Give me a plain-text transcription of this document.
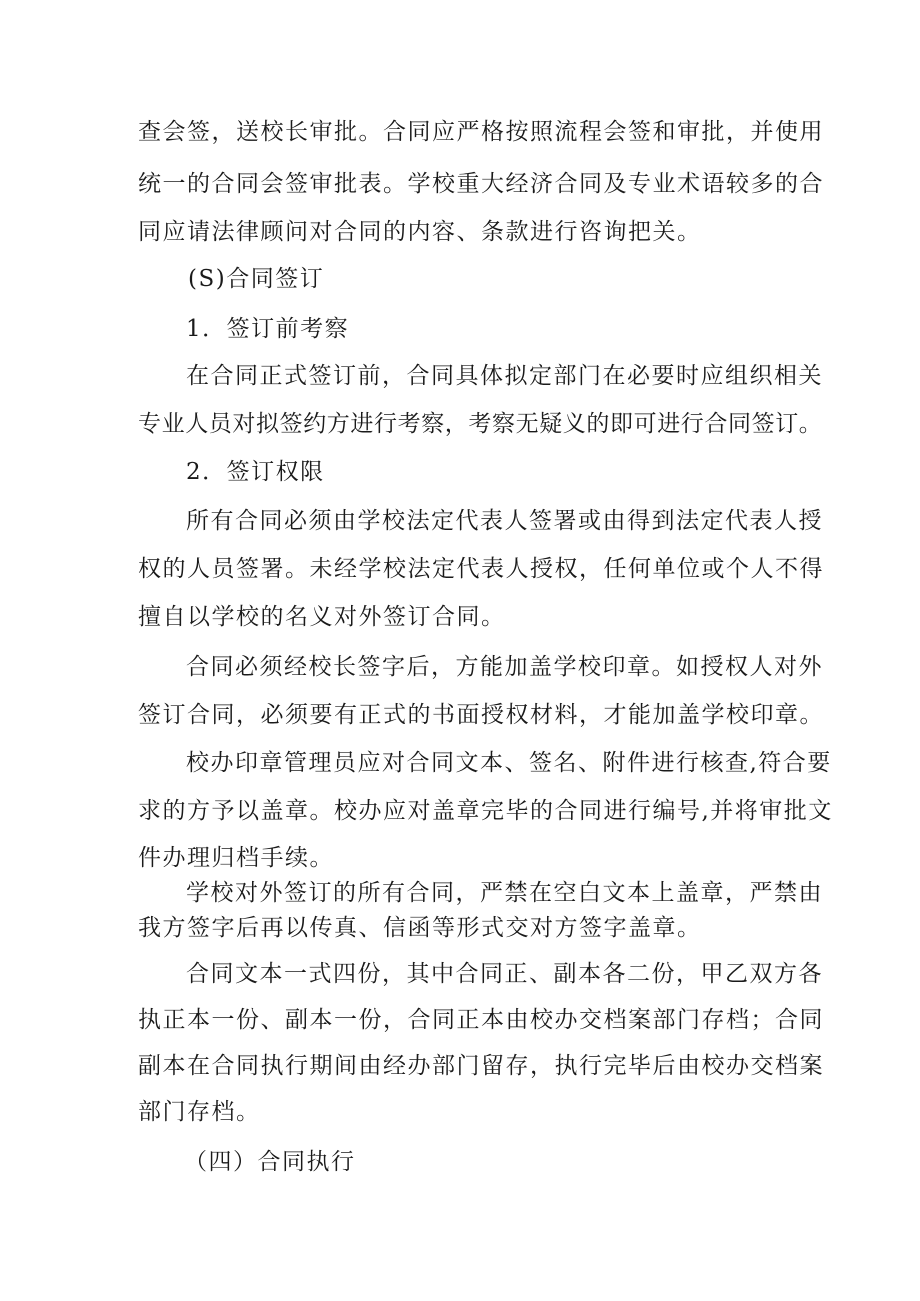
查会签，送校长审批。合同应严格按照流程会签和审批，并使用
统一的合同会签审批表。学校重大经济合同及专业术语较多的合
同应请法律顾问对合同的内容、条款进行咨询把关。
(S)合同签订
1．签订前考察
在合同正式签订前，合同具体拟定部门在必要时应组织相关
专业人员对拟签约方进行考察，考察无疑义的即可进行合同签订。
2．签订权限
所有合同必须由学校法定代表人签署或由得到法定代表人授
权的人员签署。未经学校法定代表人授权，任何单位或个人不得
擅自以学校的名义对外签订合同。
合同必须经校长签字后，方能加盖学校印章。如授权人对外
签订合同，必须要有正式的书面授权材料，才能加盖学校印章。
校办印章管理员应对合同文本、签名、附件进行核查,符合要
求的方予以盖章。校办应对盖章完毕的合同进行编号,并将审批文
件办理归档手续。
学校对外签订的所有合同，严禁在空白文本上盖章，严禁由
我方签字后再以传真、信函等形式交对方签字盖章。
合同文本一式四份，其中合同正、副本各二份，甲乙双方各
执正本一份、副本一份，合同正本由校办交档案部门存档；合同
副本在合同执行期间由经办部门留存，执行完毕后由校办交档案
部门存档。
（四）合同执行
